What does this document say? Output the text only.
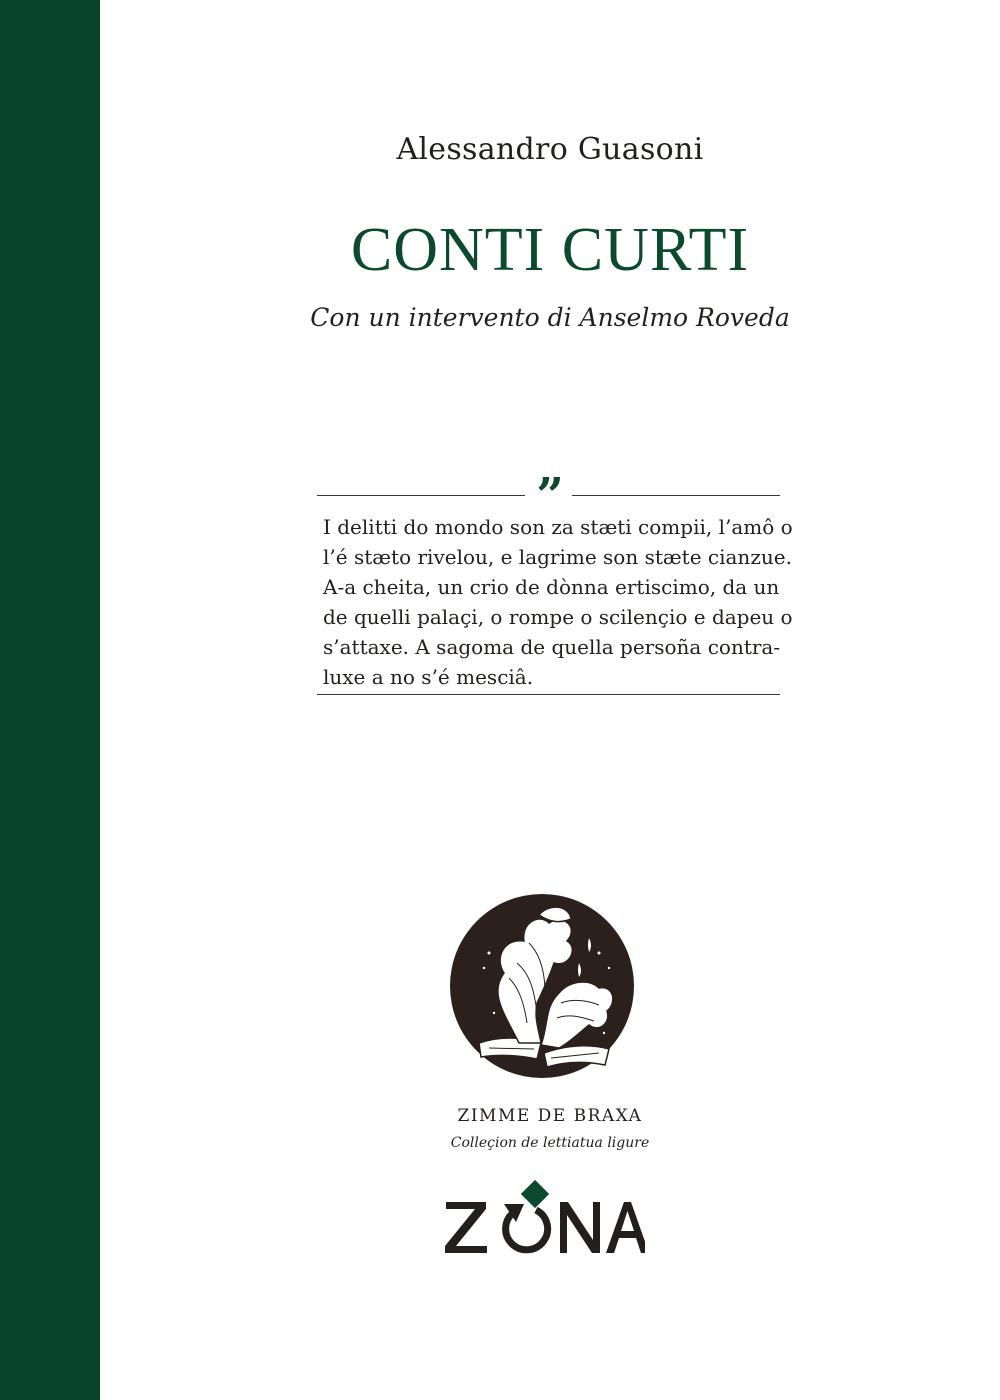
Alessandro Guasoni
CONTI CURTI
Con un intervento di Anselmo Roveda
”
I delitti do mondo son za stæti compii, l’amô o
l’é stæto rivelou, e lagrime son stæte cianzue.
A-a cheita, un crio de dònna ertiscimo, da un
de quelli palaçi, o rompe o scilençio e dapeu o
s’attaxe. A sagoma de quella persoña contra-
luxe a no s’é mesciâ.
ZIMME DE BRAXA
Colleçion de lettiatua ligure
